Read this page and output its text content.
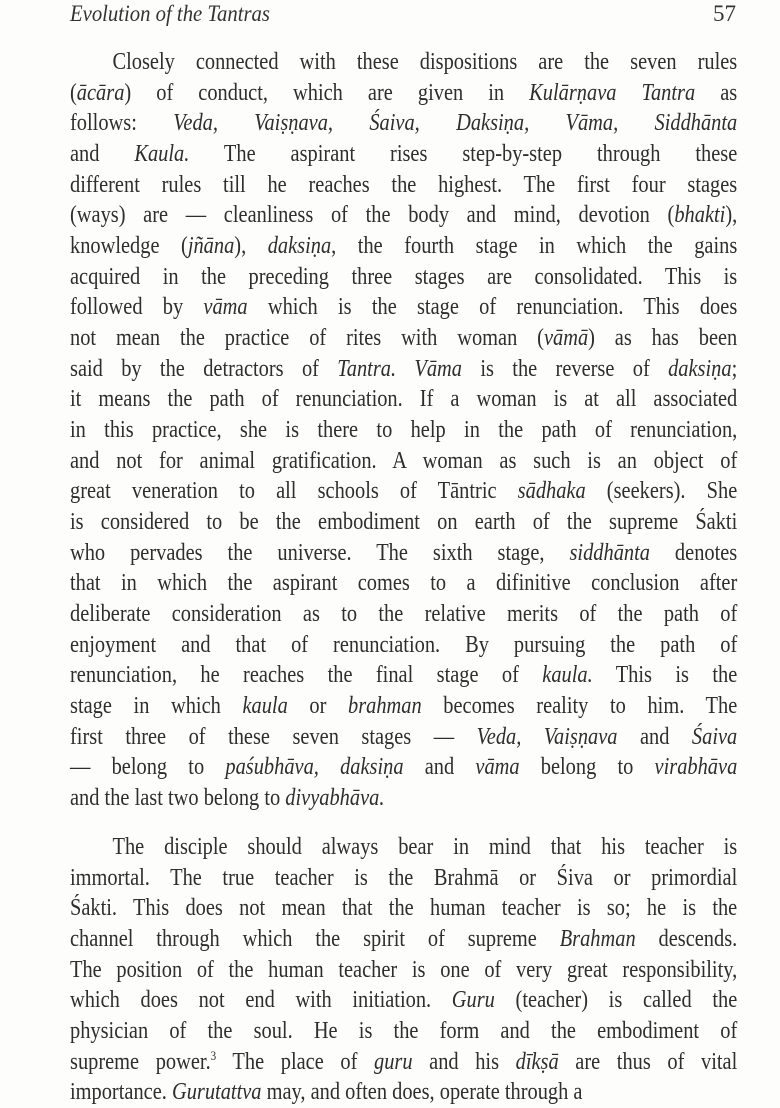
Evolution of the Tantras	57
Closely connected with these dispositions are the seven rules
(ācāra) of conduct, which are given in Kulārṇava Tantra as
follows: Veda, Vaiṣṇava, Śaiva, Daksiṇa, Vāma, Siddhānta
and Kaula. The aspirant rises step-by-step through these
different rules till he reaches the highest. The first four stages
(ways) are — cleanliness of the body and mind, devotion (bhakti),
knowledge (jñāna), daksiṇa, the fourth stage in which the gains
acquired in the preceding three stages are consolidated. This is
followed by vāma which is the stage of renunciation. This does
not mean the practice of rites with woman (vāmā) as has been
said by the detractors of Tantra. Vāma is the reverse of daksiṇa;
it means the path of renunciation. If a woman is at all associated
in this practice, she is there to help in the path of renunciation,
and not for animal gratification. A woman as such is an object of
great veneration to all schools of Tāntric sādhaka (seekers). She
is considered to be the embodiment on earth of the supreme Śakti
who pervades the universe. The sixth stage, siddhānta denotes
that in which the aspirant comes to a difinitive conclusion after
deliberate consideration as to the relative merits of the path of
enjoyment and that of renunciation. By pursuing the path of
renunciation, he reaches the final stage of kaula. This is the
stage in which kaula or brahman becomes reality to him. The
first three of these seven stages — Veda, Vaiṣṇava and Śaiva
— belong to paśubhāva, daksiṇa and vāma belong to virabhāva
and the last two belong to divyabhāva.
The disciple should always bear in mind that his teacher is
immortal. The true teacher is the Brahmā or Śiva or primordial
Śakti. This does not mean that the human teacher is so; he is the
channel through which the spirit of supreme Brahman descends.
The position of the human teacher is one of very great responsibility,
which does not end with initiation. Guru (teacher) is called the
physician of the soul. He is the form and the embodiment of
supreme power.$^3$ The place of guru and his dīkṣā are thus of vital
importance. Gurutattva may, and often does, operate through a
